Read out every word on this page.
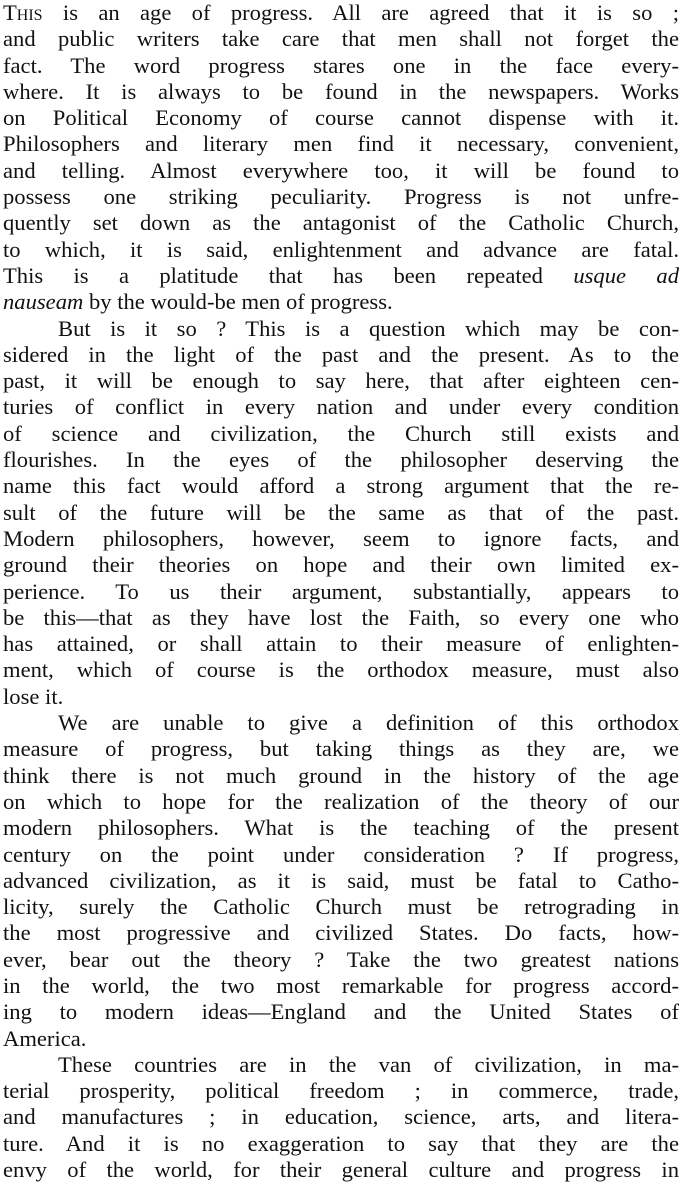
This is an age of progress. All are agreed that it is so ;
and public writers take care that men shall not forget the
fact. The word progress stares one in the face every-
where. It is always to be found in the newspapers. Works
on Political Economy of course cannot dispense with it.
Philosophers and literary men find it necessary, convenient,
and telling. Almost everywhere too, it will be found to
possess one striking peculiarity. Progress is not unfre-
quently set down as the antagonist of the Catholic Church,
to which, it is said, enlightenment and advance are fatal.
This is a platitude that has been repeated usque ad
nauseam by the would-be men of progress.
But is it so ? This is a question which may be con-
sidered in the light of the past and the present. As to the
past, it will be enough to say here, that after eighteen cen-
turies of conflict in every nation and under every condition
of science and civilization, the Church still exists and
flourishes. In the eyes of the philosopher deserving the
name this fact would afford a strong argument that the re-
sult of the future will be the same as that of the past.
Modern philosophers, however, seem to ignore facts, and
ground their theories on hope and their own limited ex-
perience. To us their argument, substantially, appears to
be this—that as they have lost the Faith, so every one who
has attained, or shall attain to their measure of enlighten-
ment, which of course is the orthodox measure, must also
lose it.
We are unable to give a definition of this orthodox
measure of progress, but taking things as they are, we
think there is not much ground in the history of the age
on which to hope for the realization of the theory of our
modern philosophers. What is the teaching of the present
century on the point under consideration ? If progress,
advanced civilization, as it is said, must be fatal to Catho-
licity, surely the Catholic Church must be retrograding in
the most progressive and civilized States. Do facts, how-
ever, bear out the theory ? Take the two greatest nations
in the world, the two most remarkable for progress accord-
ing to modern ideas—England and the United States of
America.
These countries are in the van of civilization, in ma-
terial prosperity, political freedom ; in commerce, trade,
and manufactures ; in education, science, arts, and litera-
ture. And it is no exaggeration to say that they are the
envy of the world, for their general culture and progress in
